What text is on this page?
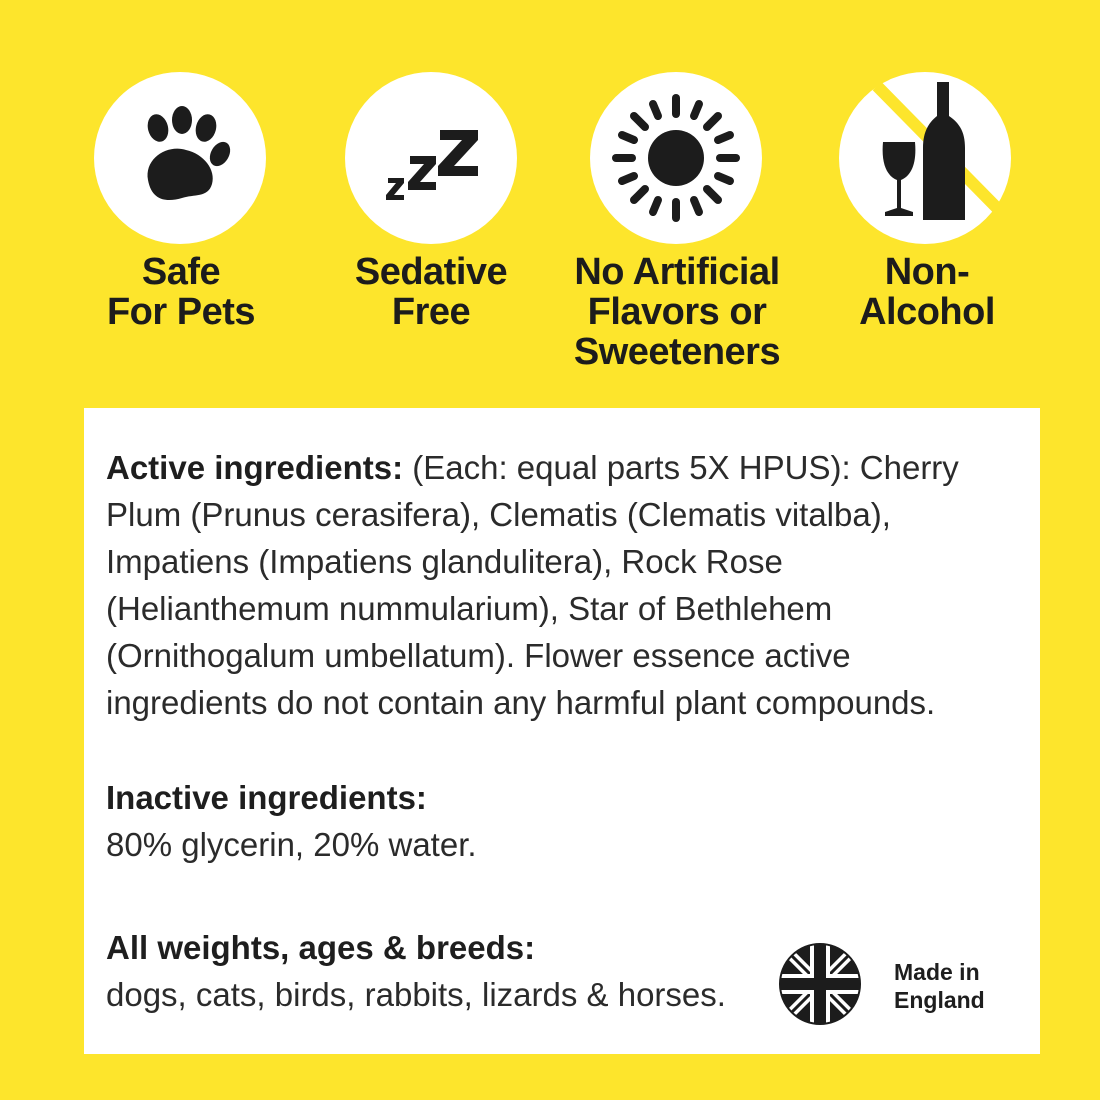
Safe
For Pets
Sedative
Free
No Artificial
Flavors or
Sweeteners
Non-
Alcohol
Active ingredients: (Each: equal parts 5X HPUS): Cherry Plum (Prunus cerasifera), Clematis (Clematis vitalba), Impatiens (Impatiens glandulitera), Rock Rose (Helianthemum nummularium), Star of Bethlehem (Ornithogalum umbellatum). Flower essence active ingredients do not contain any harmful plant compounds.
Inactive ingredients:
80% glycerin, 20% water.
All weights, ages & breeds:
dogs, cats, birds, rabbits, lizards & horses.
Made in
England
